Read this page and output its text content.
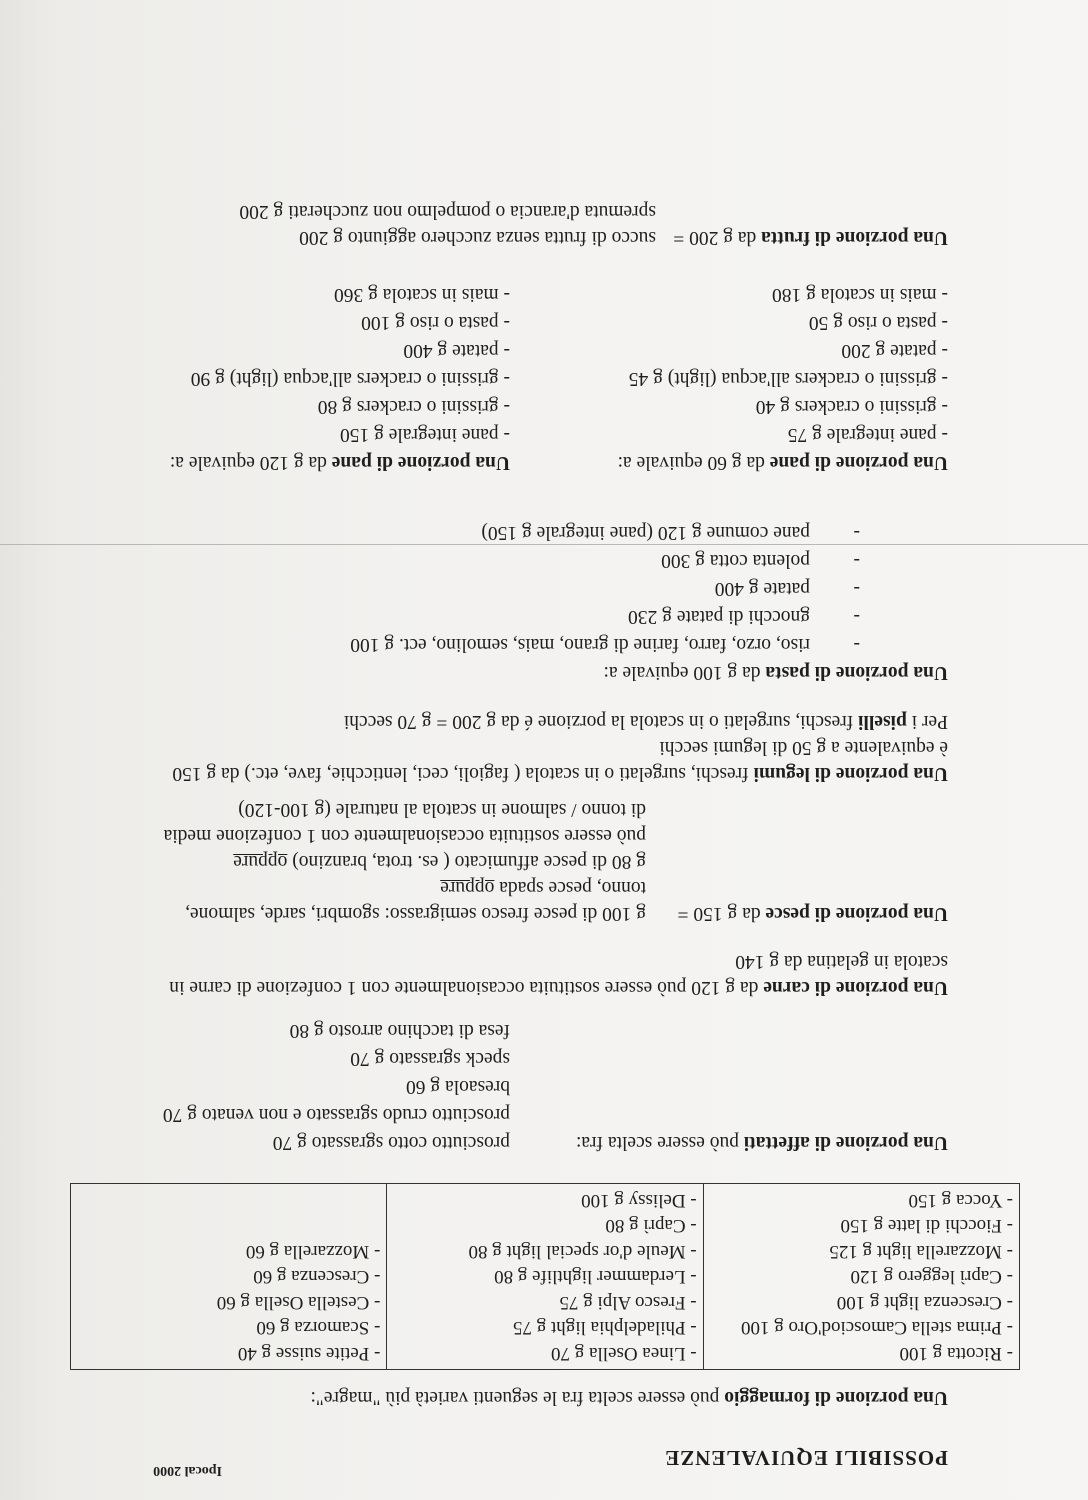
Ipocal 2000
POSSIBILI EQUIVALENZE
Una porzione di formaggio può essere scelta fra le seguenti varietà più "magre":
- Ricotta g 100
- Prima stella Camosciod'Oro g 100
- Crescenza light g 100
- Caprì leggero g 120
- Mozzarella light g 125
- Fiocchi di latte g 150
- Yocca g 150

- Linea Osella g 70
- Philadelphia light g 75
- Fresco Alpi g 75
- Lerdammer lightlife g 80
- Meule d'or special light g 80
- Caprì g 80
- Delissy g 100

- Petite suisse g 40
- Scamorza g 60
- Cestella Osella g 60
- Crescenza g 60
- Mozzarella g 60
Una porzione di affettati può essere scelta fra:
prosciutto cotto sgrassato g 70
prosciutto crudo sgrassato e non venato g 70
bresaola g 60
speck sgrassato g 70
fesa di tacchino arrosto g 80
Una porzione di carne da g 120 può essere sostituita occasionalmente con 1 confezione di carne in
scatola in gelatina da g 140
Una porzione di pesce da g 150 =
g 100 di pesce fresco semigrasso: sgombri, sarde, salmone,
tonno, pesce spada oppure
g 80 di pesce affumicato ( es. trota, branzino) oppure
può essere sostituita occasionalmente con 1 confezione media
di tonno / salmone in scatola al naturale (g 100-120)
Una porzione di legumi freschi, surgelati o in scatola ( fagioli, ceci, lenticchie, fave, etc.) da g 150
è equivalente a g 50 di legumi secchi
Per i piselli freschi, surgelati o in scatola la porzione é da g 200 = g 70 secchi
Una porzione di pasta da g 100 equivale a:
-
riso, orzo, farro, farine di grano, mais, semolino, ect. g 100
-
gnocchi di patate g 230
-
patate g 400
-
polenta cotta g 300
-
pane comune g 120 (pane integrale g 150)
Una porzione di pane da g 60 equivale a:
- pane integrale g 75
- grissini o crackers g 40
- grissini o crackers all'acqua (light) g 45
- patate g 200
- pasta o riso g 50
- mais in scatola g 180
Una porzione di pane da g 120 equivale a:
- pane integrale g 150
- grissini o crackers g 80
- grissini o crackers all'acqua (light) g 90
- patate g 400
- pasta o riso g 100
- mais in scatola g 360
Una porzione di frutta da g 200 =
succo di frutta senza zucchero aggiunto g 200
spremuta d'arancia o pompelmo non zuccherati g 200
